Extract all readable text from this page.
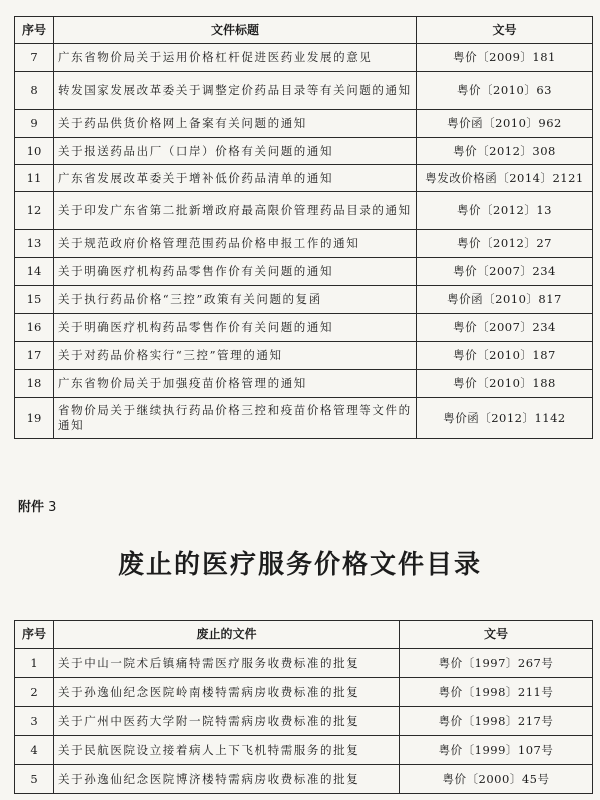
序号	文件标题	文号
7	广东省物价局关于运用价格杠杆促进医药业发展的意见	粤价〔2009〕181
8	转发国家发展改革委关于调整定价药品目录等有关问题的通知	粤价〔2010〕63
9	关于药品供货价格网上备案有关问题的通知	粤价函〔2010〕962
10	关于报送药品出厂（口岸）价格有关问题的通知	粤价〔2012〕308
11	广东省发展改革委关于增补低价药品清单的通知	粤发改价格函〔2014〕2121
12	关于印发广东省第二批新增政府最高限价管理药品目录的通知	粤价〔2012〕13
13	关于规范政府价格管理范围药品价格申报工作的通知	粤价〔2012〕27
14	关于明确医疗机构药品零售作价有关问题的通知	粤价〔2007〕234
15	关于执行药品价格“三控”政策有关问题的复函	粤价函〔2010〕817
16	关于明确医疗机构药品零售作价有关问题的通知	粤价〔2007〕234
17	关于对药品价格实行“三控”管理的通知	粤价〔2010〕187
18	广东省物价局关于加强疫苗价格管理的通知	粤价〔2010〕188
19	省物价局关于继续执行药品价格三控和疫苗价格管理等文件的通知	粤价函〔2012〕1142
附件 3
废止的医疗服务价格文件目录
序号	废止的文件	文号
1	关于中山一院术后镇痛特需医疗服务收费标准的批复	粤价〔1997〕267号
2	关于孙逸仙纪念医院岭南楼特需病房收费标准的批复	粤价〔1998〕211号
3	关于广州中医药大学附一院特需病房收费标准的批复	粤价〔1998〕217号
4	关于民航医院设立接着病人上下飞机特需服务的批复	粤价〔1999〕107号
5	关于孙逸仙纪念医院博济楼特需病房收费标准的批复	粤价〔2000〕45号
